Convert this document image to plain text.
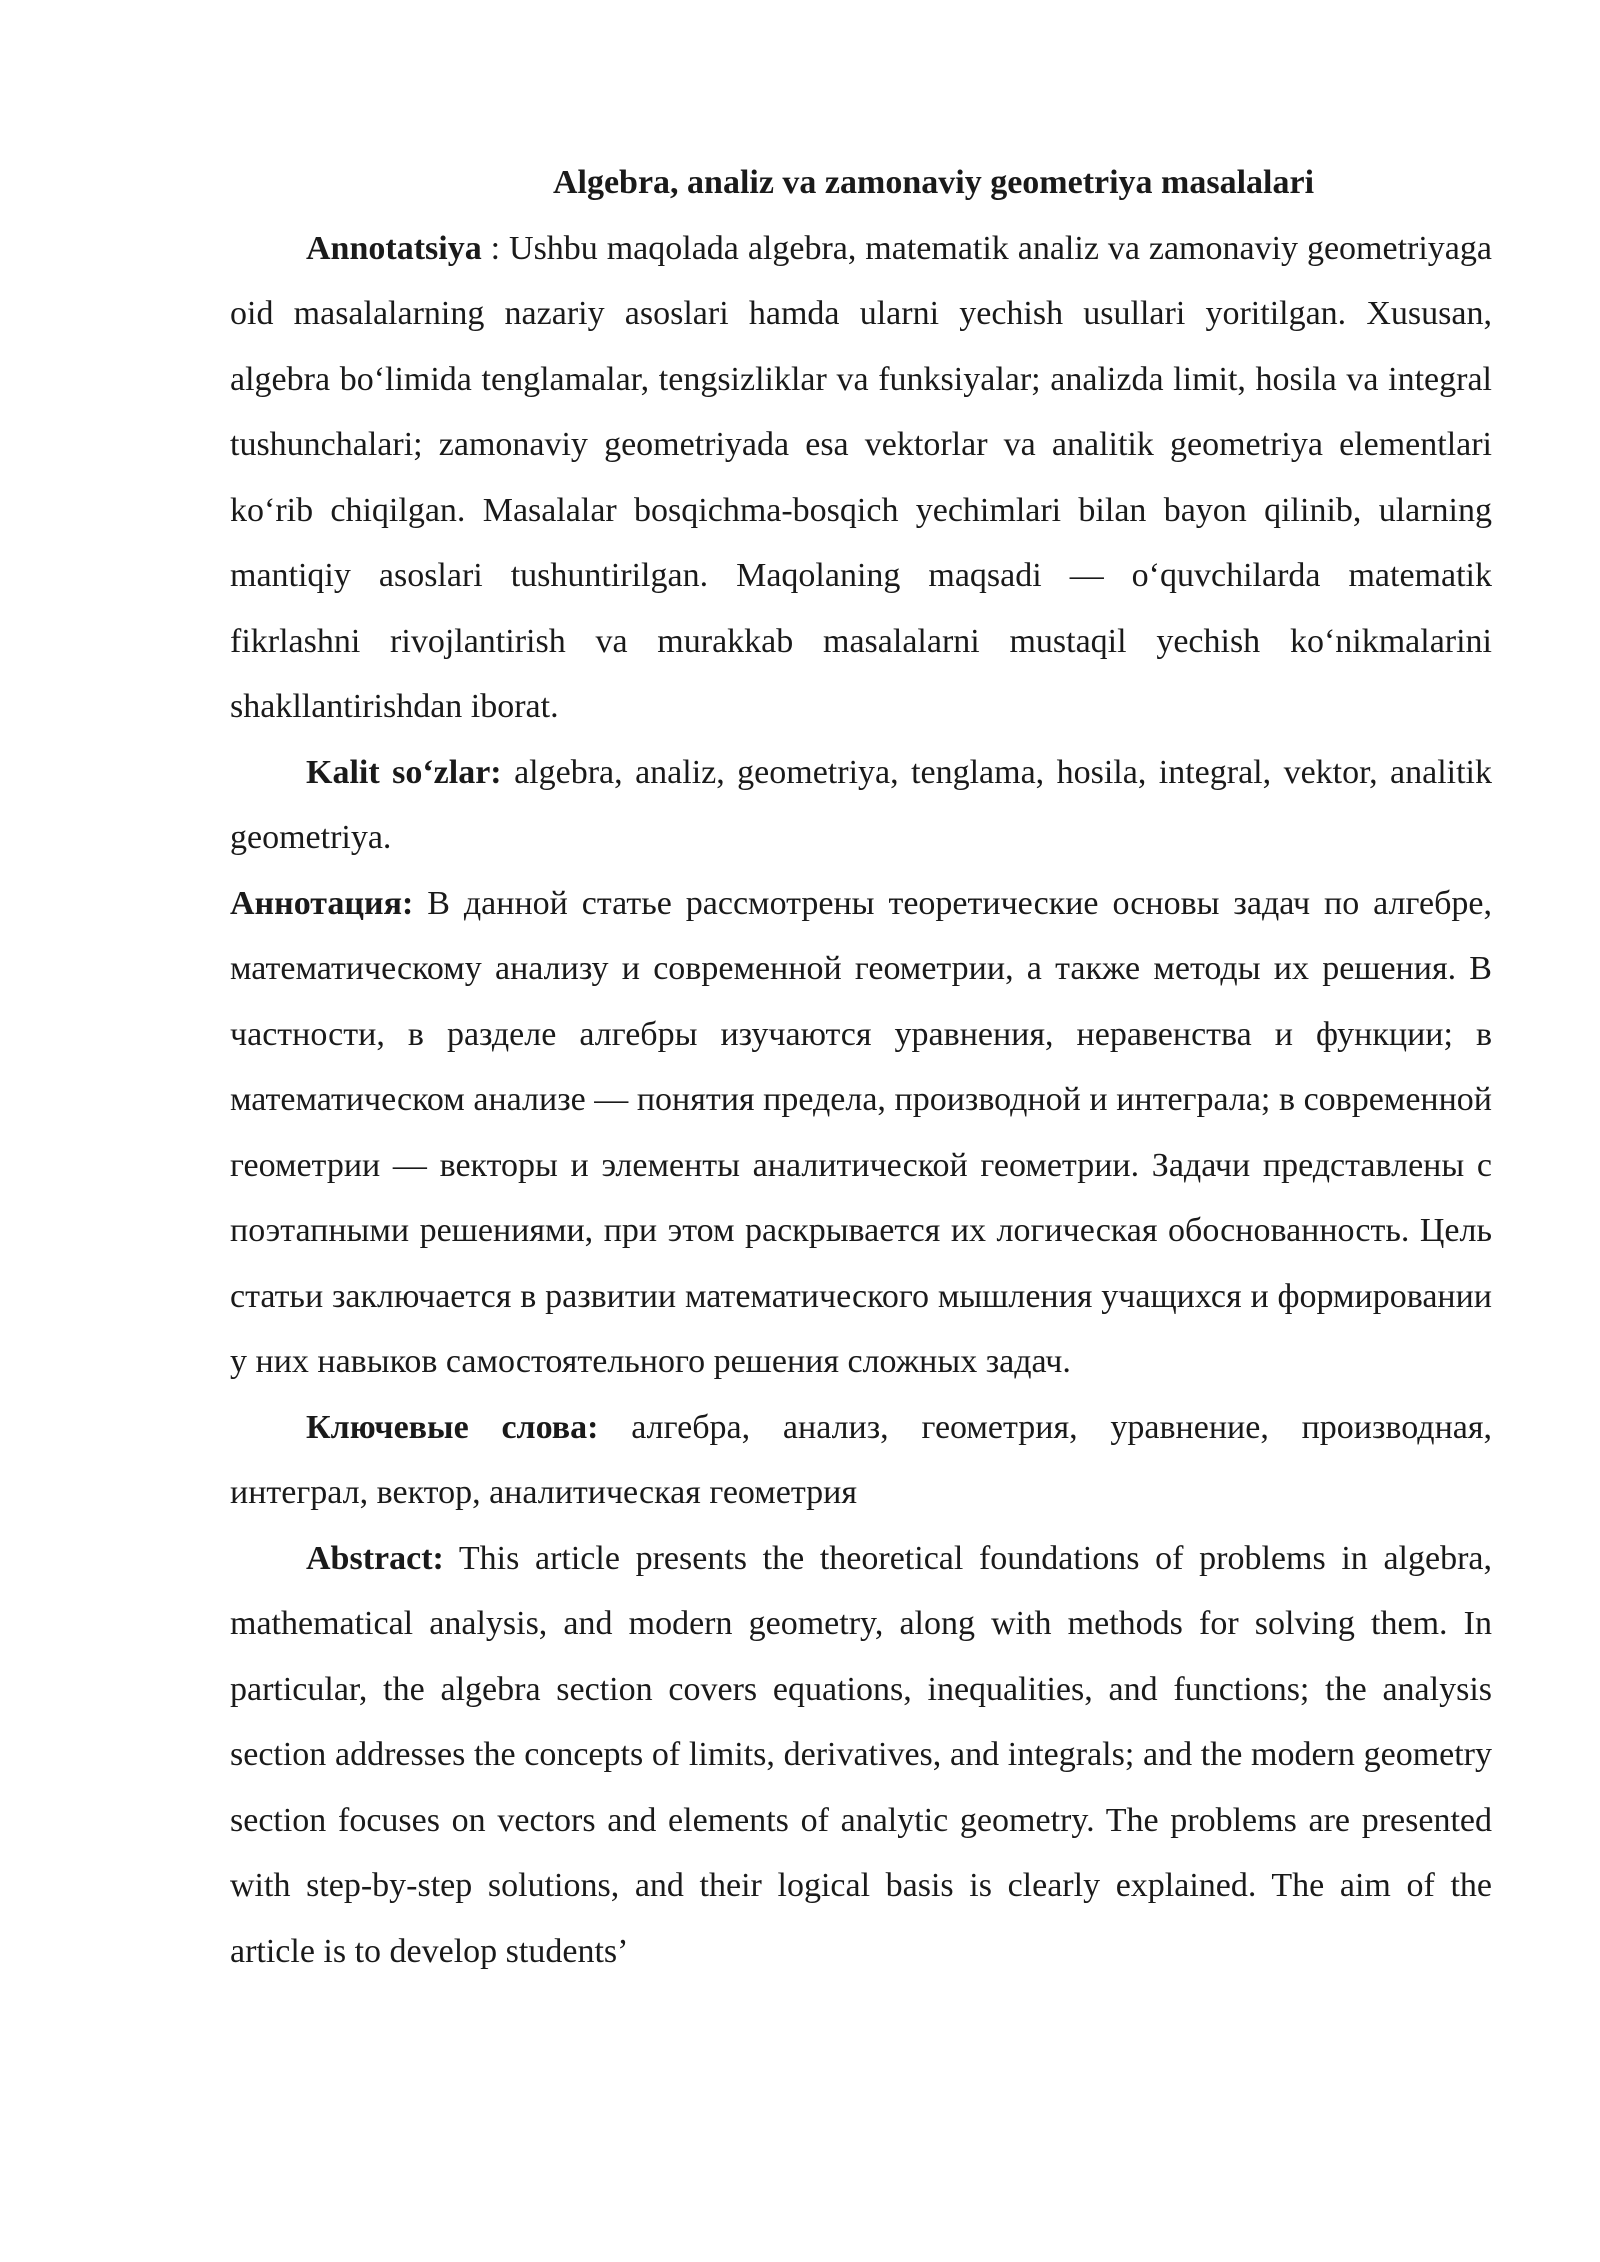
Algebra, analiz va zamonaviy geometriya masalalari

Annotatsiya : Ushbu maqolada algebra, matematik analiz va zamonaviy geometriyaga oid masalalarning nazariy asoslari hamda ularni yechish usullari yoritilgan. Xususan, algebra bo‘limida tenglamalar, tengsizliklar va funksiyalar; analizda limit, hosila va integral tushunchalari; zamonaviy geometriyada esa vektorlar va analitik geometriya elementlari ko‘rib chiqilgan. Masalalar bosqichma-bosqich yechimlari bilan bayon qilinib, ularning mantiqiy asoslari tushuntirilgan. Maqolaning maqsadi — o‘quvchilarda matematik fikrlashni rivojlantirish va murakkab masalalarni mustaqil yechish ko‘nikmalarini shakllantirishdan iborat.

Kalit so‘zlar: algebra, analiz, geometriya, tenglama, hosila, integral, vektor, analitik geometriya.

Аннотация: В данной статье рассмотрены теоретические основы задач по алгебре, математическому анализу и современной геометрии, а также методы их решения. В частности, в разделе алгебры изучаются уравнения, неравенства и функции; в математическом анализе — понятия предела, производной и интеграла; в современной геометрии — векторы и элементы аналитической геометрии. Задачи представлены с поэтапными решениями, при этом раскрывается их логическая обоснованность. Цель статьи заключается в развитии математического мышления учащихся и формировании у них навыков самостоятельного решения сложных задач.

Ключевые слова: алгебра, анализ, геометрия, уравнение, производная, интеграл, вектор, аналитическая геометрия

Abstract: This article presents the theoretical foundations of problems in algebra, mathematical analysis, and modern geometry, along with methods for solving them. In particular, the algebra section covers equations, inequalities, and functions; the analysis section addresses the concepts of limits, derivatives, and integrals; and the modern geometry section focuses on vectors and elements of analytic geometry. The problems are presented with step-by-step solutions, and their logical basis is clearly explained. The aim of the article is to develop students’
